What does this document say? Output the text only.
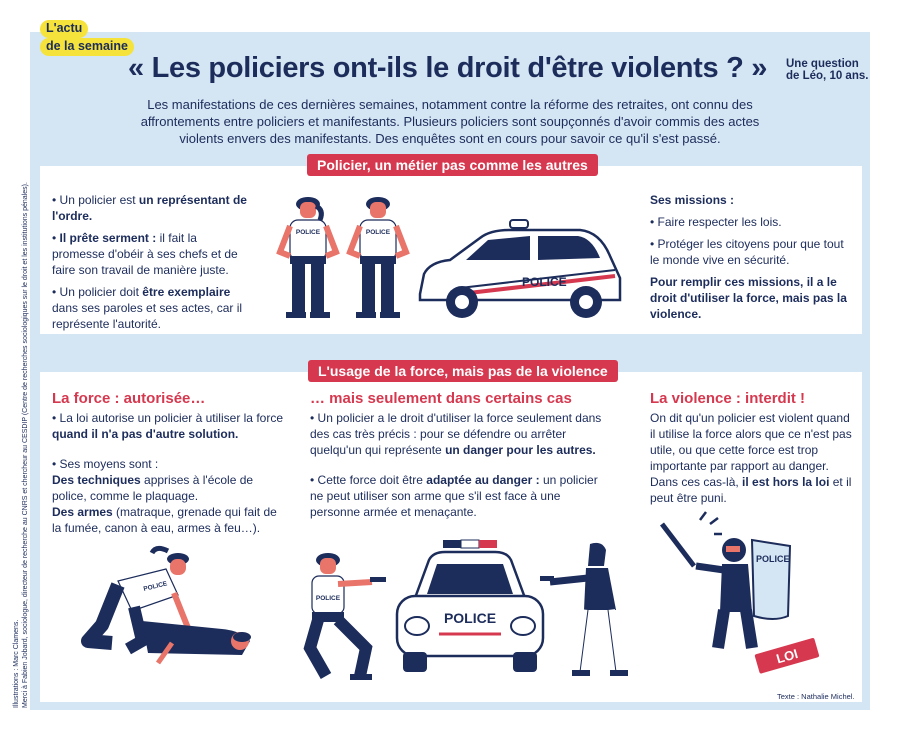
L'actu
de la semaine
« Les policiers ont-ils le droit d'être violents ? »	Une question
de Léo, 10 ans.
Les manifestations de ces dernières semaines, notamment contre la réforme des retraites, ont connu des affrontements entre policiers et manifestants. Plusieurs policiers sont soupçonnés d'avoir commis des actes violents envers des manifestants. Des enquêtes sont en cours pour savoir ce qu'il s'est passé.
Policier, un métier pas comme les autres

• Un policier est un représentant de l'ordre.

• Il prête serment : il fait la promesse d'obéir à ses chefs et de faire son travail de manière juste.

• Un policier doit être exemplaire dans ses paroles et ses actes, car il représente l'autorité.

Ses missions :

• Faire respecter les lois.

• Protéger les citoyens pour que tout le monde vive en sécurité.

Pour remplir ces missions, il a le droit d'utiliser la force, mais pas la violence.

POLICE	POLICE
POLICE
L'usage de la force, mais pas de la violence
La force : autorisée…

• La loi autorise un policier à utiliser la force quand il n'a pas d'autre solution.

• Ses moyens sont :

Des techniques apprises à l'école de police, comme le plaquage.

Des armes (matraque, grenade qui fait de la fumée, canon à eau, armes à feu…).

… mais seulement dans certains cas

• Un policier a le droit d'utiliser la force seulement dans des cas très précis : pour se défendre ou arrêter quelqu'un qui représente un danger pour les autres.

• Cette force doit être adaptée au danger : un policier ne peut utiliser son arme que s'il est face à une personne armée et menaçante.

La violence : interdit !

On dit qu'un policier est violent quand il utilise la force alors que ce n'est pas utile, ou que cette force est trop importante par rapport au danger. Dans ces cas-là, il est hors la loi et il peut être puni.

POLICE
POLICE
POLICE
POLICE
LOI
Texte : Nathalie Michel.
Illustrations : Marc Clamens. Merci à Fabien Jobard, sociologue, directeur de recherche au CNRS et chercheur au CESDIP (Centre de recherches sociologiques sur le droit et les institutions pénales).
